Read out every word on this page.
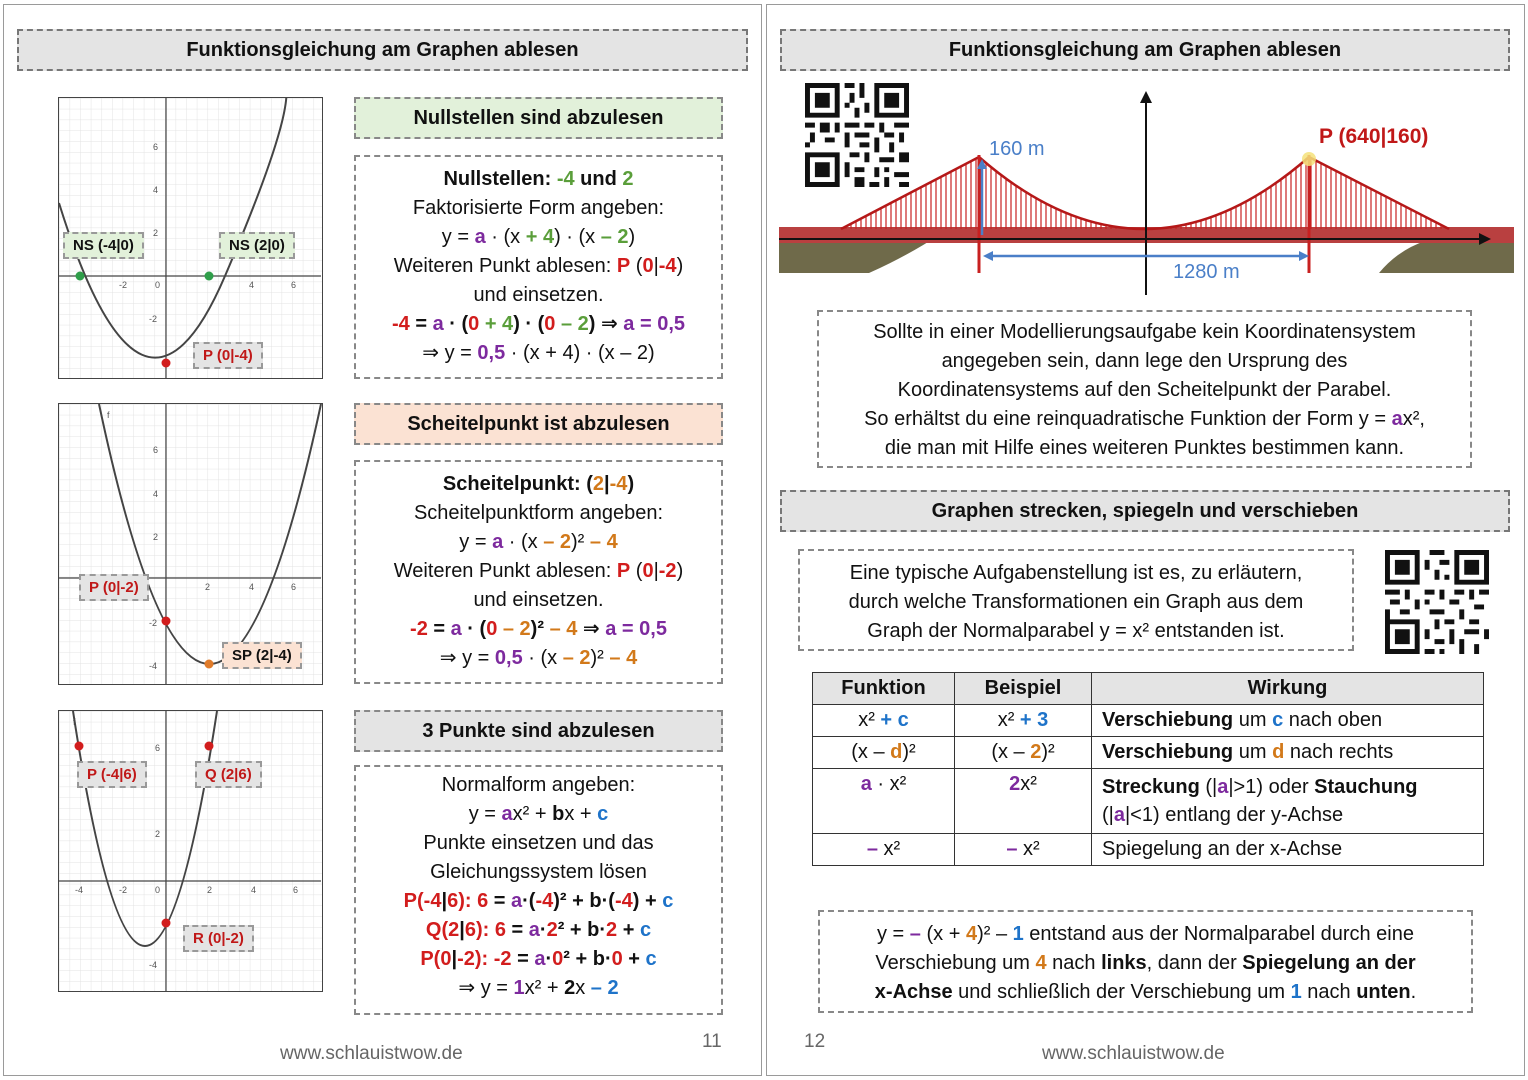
Funktionsgleichung am Graphen ablesen
6
4
2
-2
-2	0	4	6
NS (-4|0)	NS (2|0)
P (0|-4)
Nullstellen sind abzulesen
Nullstellen: -4 und 2
Faktorisierte Form angeben:
y = a · (x + 4) · (x – 2)
Weiteren Punkt ablesen: P (0|-4)
und einsetzen.
-4 = a · (0 + 4) · (0 – 2) ⇒ a = 0,5
⇒ y = 0,5 · (x + 4) · (x – 2)
f
6
4
2
-2
-4
2	4	6
P (0|-2)
SP (2|-4)
Scheitelpunkt ist abzulesen
Scheitelpunkt: (2|-4)
Scheitelpunktform angeben:
y = a · (x – 2)² – 4
Weiteren Punkt ablesen: P (0|-2)
und einsetzen.
-2 = a · (0 – 2)² – 4 ⇒ a = 0,5
⇒ y = 0,5 · (x – 2)² – 4
f
6
2
-4
-4	-2	0	2	4	6
P (-4|6)	Q (2|6)
R (0|-2)
3 Punkte sind abzulesen
Normalform angeben:
y = ax² + bx + c
Punkte einsetzen und das
Gleichungssystem lösen
P(-4|6): 6 = a·(-4)² + b·(-4) + c
Q(2|6): 6 = a·2² + b·2 + c
P(0|-2): -2 = a·0² + b·0 + c
⇒ y = 1x² + 2x – 2
11
www.schlauistwow.de
Funktionsgleichung am Graphen ablesen
160 m
1280 m
P (640|160)
Sollte in einer Modellierungsaufgabe kein Koordinatensystem
angegeben sein, dann lege den Ursprung des
Koordinatensystems auf den Scheitelpunkt der Parabel.
So erhältst du eine reinquadratische Funktion der Form y = ax²,
die man mit Hilfe eines weiteren Punktes bestimmen kann.
Graphen strecken, spiegeln und verschieben
Eine typische Aufgabenstellung ist es, zu erläutern,
durch welche Transformationen ein Graph aus dem
Graph der Normalparabel y = x² entstanden ist.
Funktion	Beispiel	Wirkung
x² + c	x² + 3	Verschiebung um c nach oben
(x – d)²	(x – 2)²	Verschiebung um d nach rechts
a · x²	2x²	Streckung (|a|>1) oder Stauchung
(|a|<1) entlang der y-Achse
– x²	– x²	Spiegelung an der x-Achse
y = – (x + 4)² – 1 entstand aus der Normalparabel durch eine
Verschiebung um 4 nach links, dann der Spiegelung an der
x-Achse und schließlich der Verschiebung um 1 nach unten.
12
www.schlauistwow.de
